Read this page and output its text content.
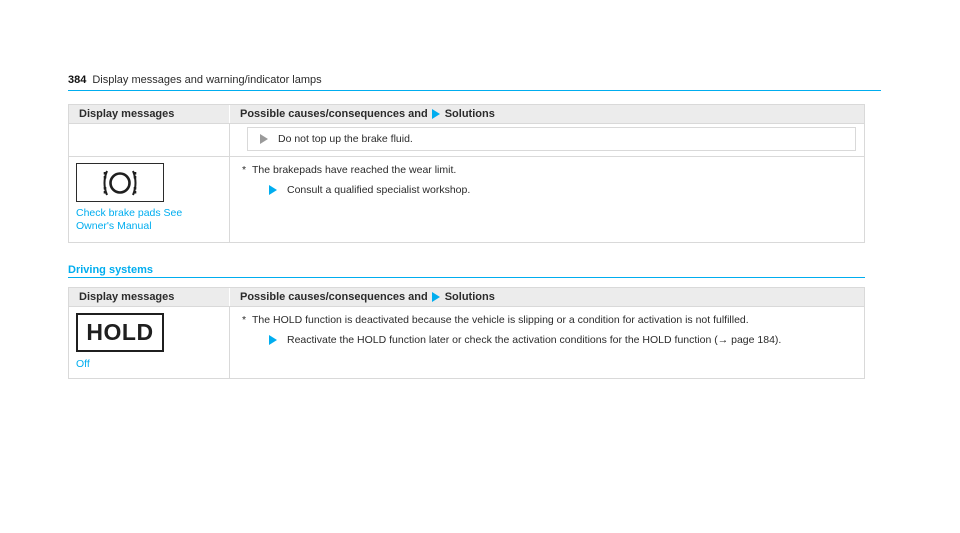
384 Display messages and warning/indicator lamps
Display messages	Possible causes/consequences and Solutions
Do not top up the brake fluid.
Check brake pads See Owner's Manual
* The brakepads have reached the wear limit.
Consult a qualified specialist workshop.
Driving systems
Display messages	Possible causes/consequences and Solutions
HOLD
Off
* The HOLD function is deactivated because the vehicle is slipping or a condition for activation is not fulfilled.
Reactivate the HOLD function later or check the activation conditions for the HOLD function (→ page 184).
